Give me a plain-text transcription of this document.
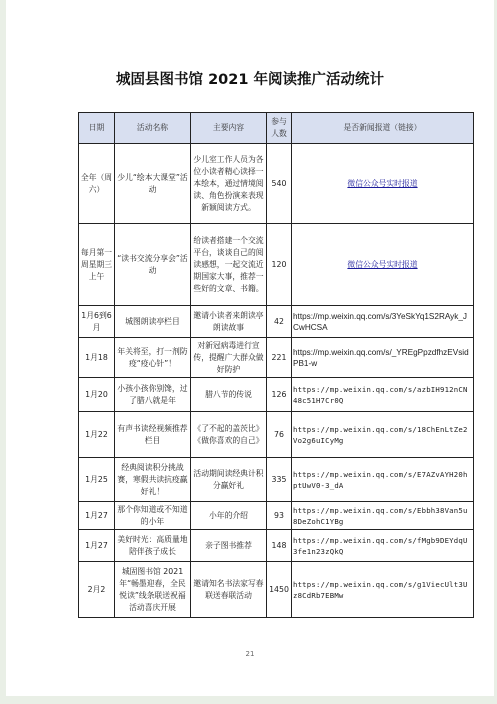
城固县图书馆 2021 年阅读推广活动统计
日期	活动名称	主要内容	参与人数	是否新闻报道（链接）
全年（周六）	少儿“绘本大课堂”活动	少儿室工作人员为各位小读者精心读择一本绘本，通过情境阅读、角色扮演来表现新颖阅读方式。	540	微信公众号实时报道
每月第一周星期三上午	“读书交流分享会”活动	给读者搭建一个交流平台，谈谈自己的阅读感想，一起交流近期国家大事，推荐一些好的文章、书籍。	120	微信公众号实时报道
1月6到6月	城图朗读亭栏目	邀请小读者来朗读亭朗读故事	42	https://mp.weixin.qq.com/s/3YeSkYq1S2RAyk_JCwHCSA
1月18	年关将至，打一剂防疫“疫心针”！	对新冠病毒进行宣传，提醒广大群众做好防护	221	https://mp.weixin.qq.com/s/_YREgPpzdfhzEVsidPB1-w
1月20	小孩小孩你别馋，过了腊八就是年	腊八节的传说	126	https://mp.weixin.qq.com/s/azbIH912nCN48c51H7Cr0Q
1月22	有声书读经视频推荐栏目	《了不起的盖茨比》《做你喜欢的自己》	76	https://mp.weixin.qq.com/s/18ChEnLtZe2Vo2g6uICyMg
1月25	经典阅读积分挑战赛，寒假共读抗疫赢好礼！	活动期间读经典计积分赢好礼	335	https://mp.weixin.qq.com/s/E7AZvAYH20hptUwV0-3_dA
1月27	那个你知道或不知道的小年	小年的介绍	93	https://mp.weixin.qq.com/s/Ebbh38Van5u8DeZohC1YBg
1月27	美好时光：高质量地陪伴孩子成长	亲子图书推荐	148	https://mp.weixin.qq.com/s/fMgb9DEYdqU3fe1n23zQkQ
2月2	城固图书馆 2021 年“畅墨迎春，全民悦读”线条联送祝福活动喜庆开展	邀请知名书法家写春联送春联活动	1450	https://mp.weixin.qq.com/s/g1ViecUlt3Uz8CdRb7EBMw
21
